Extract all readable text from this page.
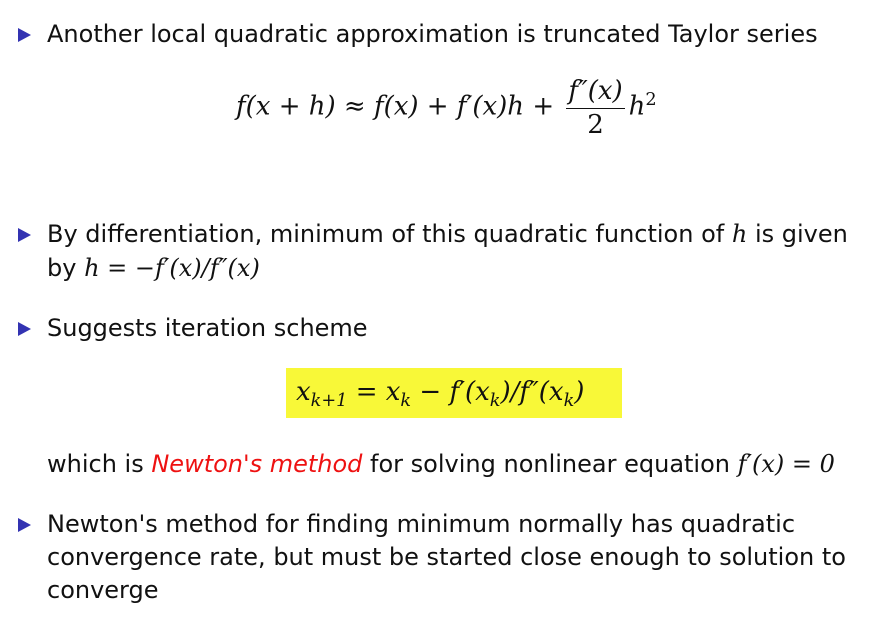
Another local quadratic approximation is truncated Taylor series
$f(x + h) \approx f(x) + f'(x)h + \frac{f''(x)}{2} h^2$
By differentiation, minimum of this quadratic function of h is given
by h = −f′(x)/f″(x)
Suggests iteration scheme
$x_{k+1} = x_k - f'(x_k)/f''(x_k)$
which is Newton's method for solving nonlinear equation f′(x) = 0
Newton's method for finding minimum normally has quadratic
convergence rate, but must be started close enough to solution to
converge
